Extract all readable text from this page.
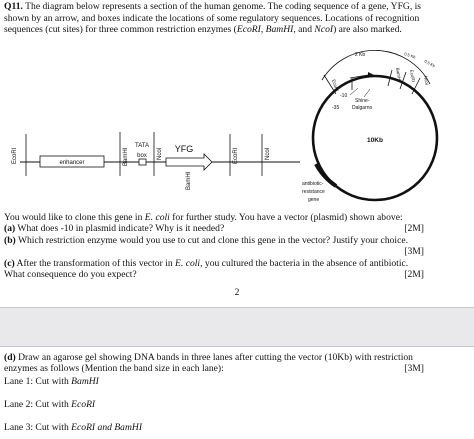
Q11. The diagram below represents a section of the human genome. The coding sequence of a gene, YFG, is
shown by an arrow, and boxes indicate the locations of some regulatory sequences. Locations of recognition
sequences (cut sites) for three common restriction enzymes (EcoRI, BamHI, and NcoI) are also marked.

EcoRI	enhancer	BamHI
TATA
box NcoI YFG
BamHI
EcoRI	NcoI
10Kb
2 Kb	0.5 Kb
0.5 Kb
EcoRI
BamHI EcoRI NcoI
-10
-35
Shine-
Dalgarno
antibiotic-
resistance
gene
You would like to clone this gene in E. coli for further study. You have a vector (plasmid) shown above:
(a) What does -10 in plasmid indicate? Why is it needed?	[2M]
(b) Which restriction enzyme would you use to cut and clone this gene in the vector? Justify your choice.
[3M]
(c) After the transformation of this vector in E. coli, you cultured the bacteria in the absence of antibiotic.
What consequence do you expect?	[2M]
2
(d) Draw an agarose gel showing DNA bands in three lanes after cutting the vector (10Kb) with restriction
enzymes as follows (Mention the band size in each lane):	[3M]
Lane 1: Cut with BamHI
Lane 2: Cut with EcoRI
Lane 3: Cut with EcoRI and BamHI
